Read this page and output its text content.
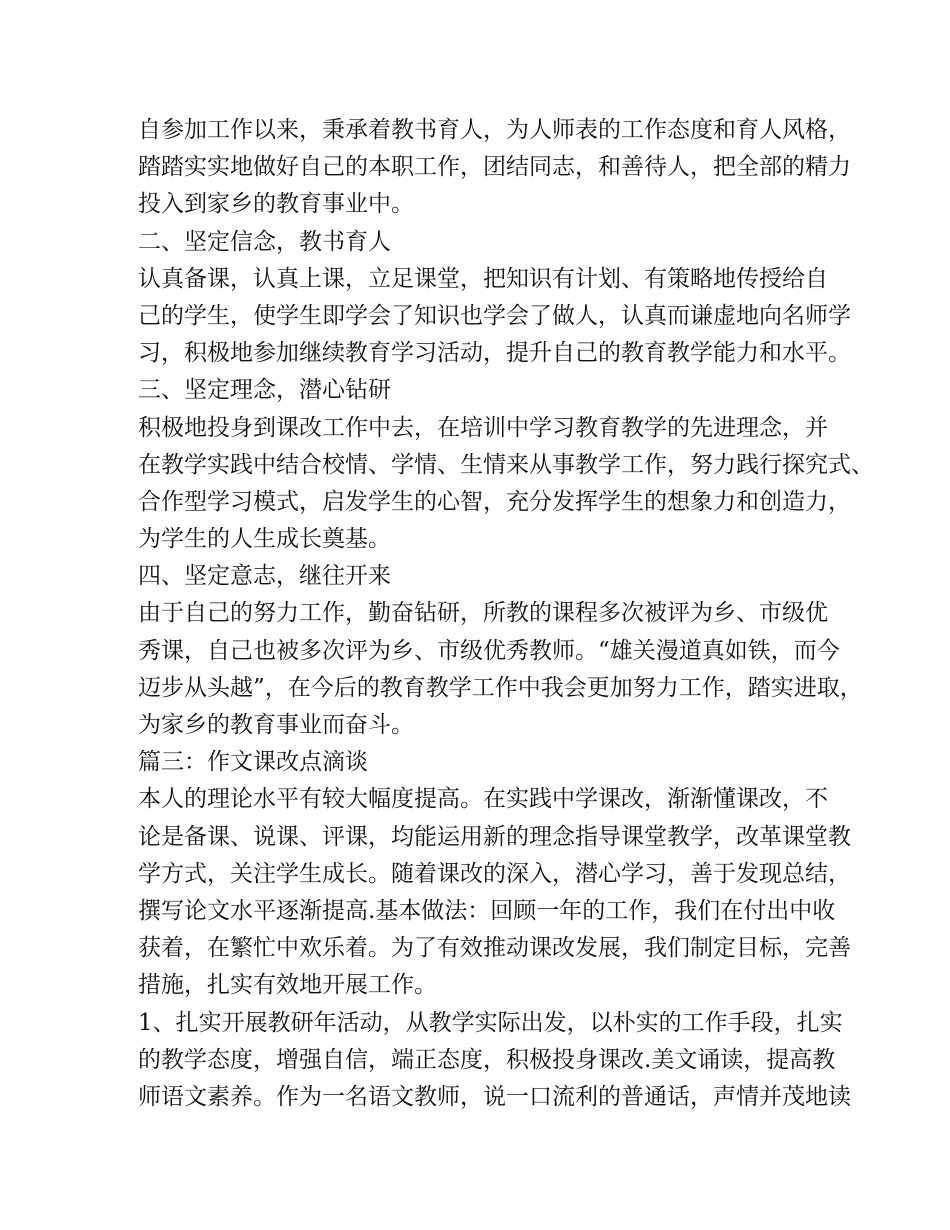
自参加工作以来，秉承着教书育人，为人师表的工作态度和育人风格，
踏踏实实地做好自己的本职工作，团结同志，和善待人，把全部的精力
投入到家乡的教育事业中。
二、坚定信念，教书育人
认真备课，认真上课，立足课堂，把知识有计划、有策略地传授给自
己的学生，使学生即学会了知识也学会了做人，认真而谦虚地向名师学
习，积极地参加继续教育学习活动，提升自己的教育教学能力和水平。
三、坚定理念，潜心钻研
积极地投身到课改工作中去，在培训中学习教育教学的先进理念，并
在教学实践中结合校情、学情、生情来从事教学工作，努力践行探究式、
合作型学习模式，启发学生的心智，充分发挥学生的想象力和创造力，
为学生的人生成长奠基。
四、坚定意志，继往开来
由于自己的努力工作，勤奋钻研，所教的课程多次被评为乡、市级优
秀课，自己也被多次评为乡、市级优秀教师。“雄关漫道真如铁，而今
迈步从头越”，在今后的教育教学工作中我会更加努力工作，踏实进取，
为家乡的教育事业而奋斗。
篇三：作文课改点滴谈
本人的理论水平有较大幅度提高。在实践中学课改，渐渐懂课改，不
论是备课、说课、评课，均能运用新的理念指导课堂教学，改革课堂教
学方式，关注学生成长。随着课改的深入，潜心学习，善于发现总结，
撰写论文水平逐渐提高.基本做法：回顾一年的工作，我们在付出中收
获着，在繁忙中欢乐着。为了有效推动课改发展，我们制定目标，完善
措施，扎实有效地开展工作。
1、扎实开展教研年活动，从教学实际出发，以朴实的工作手段，扎实
的教学态度，增强自信，端正态度，积极投身课改.美文诵读，提高教
师语文素养。作为一名语文教师，说一口流利的普通话，声情并茂地读
